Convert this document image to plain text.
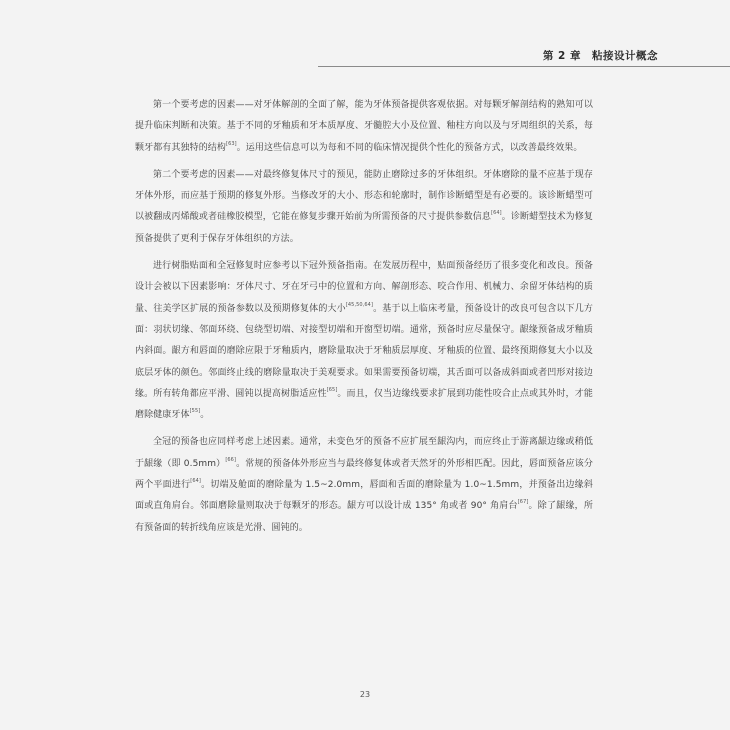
第 2 章　粘接设计概念

第一个要考虑的因素——对牙体解剖的全面了解，能为牙体预备提供客观依据。对每颗牙解剖结构的熟知可以提升临床判断和决策。基于不同的牙釉质和牙本质厚度、牙髓腔大小及位置、釉柱方向以及与牙周组织的关系，每颗牙都有其独特的结构[63]。运用这些信息可以为每和不同的临床情况提供个性化的预备方式，以改善最终效果。

第二个要考虑的因素——对最终修复体尺寸的预见，能防止磨除过多的牙体组织。牙体磨除的量不应基于现存牙体外形，而应基于预期的修复外形。当修改牙的大小、形态和轮廓时，制作诊断蜡型是有必要的。该诊断蜡型可以被翻成丙烯酸或者硅橡胶模型，它能在修复步骤开始前为所需预备的尺寸提供参数信息[64]。诊断蜡型技术为修复预备提供了更利于保存牙体组织的方法。

进行树脂贴面和全冠修复时应参考以下冠外预备指南。在发展历程中，贴面预备经历了很多变化和改良。预备设计会被以下因素影响：牙体尺寸、牙在牙弓中的位置和方向、解剖形态、咬合作用、机械力、余留牙体结构的质量、往美学区扩展的预备参数以及预期修复体的大小[45,50,64]。基于以上临床考量，预备设计的改良可包含以下几方面：羽状切缘、邻面环绕、包绕型切端、对接型切端和开窗型切端。通常，预备时应尽量保守。龈缘预备成牙釉质内斜面。龈方和唇面的磨除应限于牙釉质内，磨除量取决于牙釉质层厚度、牙釉质的位置、最终预期修复大小以及底层牙体的颜色。邻面终止线的磨除量取决于美观要求。如果需要预备切端，其舌面可以备成斜面或者凹形对接边缘。所有转角都应平滑、圆钝以提高树脂适应性[65]。而且，仅当边缘线要求扩展到功能性咬合止点或其外时，才能磨除健康牙体[55]。

全冠的预备也应同样考虑上述因素。通常，未变色牙的预备不应扩展至龈沟内，而应终止于游离龈边缘或稍低于龈缘（即 0.5mm）[66]。常规的预备体外形应当与最终修复体或者天然牙的外形相匹配。因此，唇面预备应该分两个平面进行[64]。切端及舱面的磨除量为 1.5~2.0mm，唇面和舌面的磨除量为 1.0~1.5mm，并预备出边缘斜面或直角肩台。邻面磨除量则取决于每颗牙的形态。龈方可以设计成 135° 角或者 90° 角肩台[67]。除了龈缘，所有预备面的转折线角应该是光滑、圆钝的。

23
